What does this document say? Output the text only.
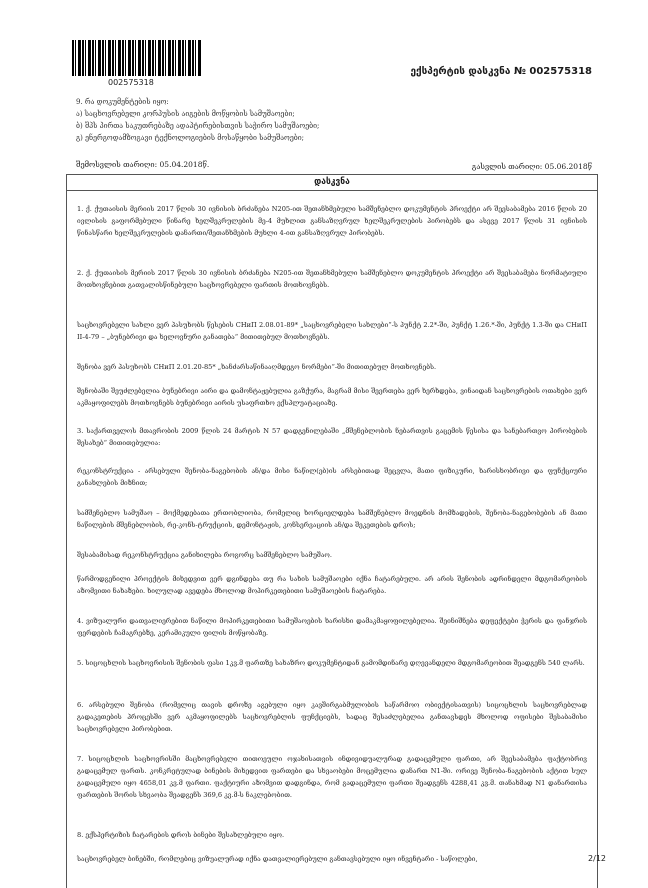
002575318
ექსპერტის დასკვნა № 002575318
9. რა დოკუმენტების იყო:
ა) საცხოვრებელი კორპუსის აიგების მოწყობის სამუშაოები;
ბ) შპს პირთა საკუთრებაზე ადაპტირებისთვის საჭირო სამუშაოები;
გ) ენერგოდამზოგავი ტექნოლოგიების მოსაწყობი სამუშაოები;
შემოსვლის თარიღი: 05.04.2018წ.	გასვლის თარიღი: 05.06.2018წ
დასკვნა
1. ქ. ქუთაისის მერიის 2017 წლის 30 ივნისის ბრძანება N205-ით შეთანხმებული სამშენებლო დოკუმენტის პროექტი არ შეესაბამება 2016 წლის 20 ივლისის გაფორმებული წინარე ხელშეკრულების მე-4 მუხლით განსაზღვრულ ხელშეკრულების პირობებს და ასევე 2017 წლის 31 ივნისის წინასწარი ხელშეკრულების დანართი/შეთანხმების მუხლი 4-ით განსაზღვრულ პირობებს.
2. ქ. ქუთაისის მერიის 2017 წლის 30 ივნისის ბრძანება N205-ით შეთანხმებული სამშენებლო დოკუმენტის პროექტი არ შეესაბამება ნორმატიული მოთხოვნებით გათვალისწინებული საცხოვრებელი ფართის მოთხოვნებს.
საცხოვრებელი სახლი ვერ პასუხობს წესების СНиП 2.08.01-89* „საცხოვრებელი სახლები“-ს პუნქტ 2.2*-ში, პუნქტ 1.26.*-ში, პუნქტ 1.3-ში და СНиП II-4-79 – „ბუნებრივი და ხელოვნური განათება“ მითითებულ მოთხოვნებს.
შენობა ვერ პასუხობს СНиП 2.01.20-85* „ხანძარსაწინააღმდეგო ნორმები“-ში მითითებულ მოთხოვნებს.
შენობაში შეუძლებელია ბუნებრივი აირი და დამონტაჟებულია გაზქურა, მაგრამ მისი შეერთება ვერ ხერხდება, ვინაიდან საცხოვრების ოთახები ვერ აკმაყოფილებს მოთხოვნებს ბუნებრივი აირის უსაფრთხო ექსპლუატაციაზე.
3. საქართველოს მთავრობის 2009 წლის 24 მარტის N 57 დადგენილებაში „მშენებლობის ნებართვის გაცემის წესისა და სანებართვო პირობების შესახებ“ მითითებულია:
რეკონსტრუქცია - არსებული შენობა-ნაგებობის ან/და მისი ნაწილ(ებ)ის არსებითად შეცვლა, მათი ფიზიკური, ხარისხობრივი და ფუნქციური განახლების მიზნით;
სამშენებლო სამუშაო – მოქმედებათა ერთობლიობა, რომელიც ხორციელდება სამშენებლო მოედნის მომზადების, შენობა-ნაგებობების ან მათი ნაწილების მშენებლობის, რე-კონს-ტრუქციის, დემონტაჟის, კონსერვაციის ან/და შეკეთების დროს;
შესაბამისად რეკონსტრუქცია განიხილება როგორც სამშენებლო სამუშაო.
წარმოდგენილი პროექტის მიხედვით ვერ დგინდება თუ რა სახის სამუშაოები იქნა ჩატარებული. არ არის შენობის ადრინდელი მდგომარეობის აზომვითი ნახაზები. ხილულად ავედება მხოლოდ მოპირკეთებითი სამუშაოების ჩატარება.
4. ვიზუალური დათვალიერებით ნაწილი მოპირკეთებითი სამუშაოების ხარისხი დამაკმაყოფილებელია. შეინიშნება დეფექტები ჭერის და ფანჯრის ფერდების ჩამაგრებზე, კერამიკული ფილის მოწყობაზე.
5. სიცოცხლის საცხოვრისის შენობის ფასი 1კვ.მ ფართზე სახაზრო დოკუმენტიდან გამომდინარე დღევანდელი მდგომარეობით შეადგენს 540 ლარს.
6. არსებული შენობა (რომელიც თავის დროზე აგებული იყო კავშირგაბმულობის საწარმოო ობიექტისათვის) სიცოცხლის საცხოვრებლად გადაკეთების პროცესში ვერ აკმაყოფილებს საცხოვრებლის ფუნქციებს, სადაც შესაძლებელია განთავსდეს მხოლოდ ოფისები შესაბამისი საცხოვრებელი პირობებით.
7. სიცოცხლის საცხოვრისში მაცხოვრებელი თითოეული ოჯახისათვის ინდივიდუალურად გადაცემული ფართი, არ შეესაბამება ფაქტობრივ გადაცემულ ფართს. კონკრეტულად ბინების მიხედვით ფართები და სხვაობები მოცემულია დანართ N1-ში. ორივე შენობა-ნაგებობის აქტით სულ გადაცემული იყო 4658,01 კვ.მ ფართი. ფაქტიური აზომვით დადგინდა, რომ გადაცემული ფართი შეადგენს 4288,41 კვ.მ. თანახმად N1 დანართისა ფართების შორის სხვაობა შეადგენს 369,6 კვ.მ-ს ნაკლებობით.
8. ექსპერტიზის ჩატარების დროს ბინები შესახლებული იყო.
საცხოვრებელ ბინებში, რომლებიც ვიზუალურად იქნა დათვალიერებული განთავსებული იყო ინვენტარი - საწოლები,	2/12
